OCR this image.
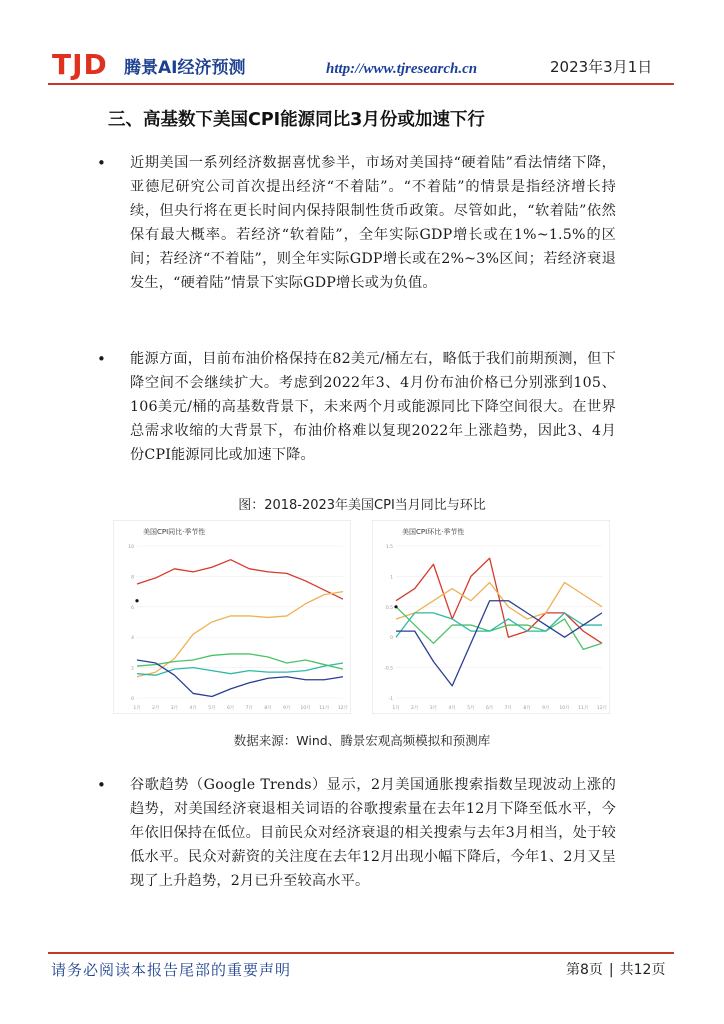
TJD 腾景AI经济预测	http://www.tjresearch.cn	2023年3月1日
三、高基数下美国CPI能源同比3月份或加速下行
• 近期美国一系列经济数据喜忧参半，市场对美国持“硬着陆”看法情绪下降，亚德尼研究公司首次提出经济“不着陆”。“不着陆”的情景是指经济增长持续，但央行将在更长时间内保持限制性货币政策。尽管如此，“软着陆”依然保有最大概率。若经济“软着陆”，全年实际GDP增长或在1%~1.5%的区间；若经济“不着陆”，则全年实际GDP增长或在2%~3%区间；若经济衰退发生，“硬着陆”情景下实际GDP增长或为负值。
• 能源方面，目前布油价格保持在82美元/桶左右，略低于我们前期预测，但下降空间不会继续扩大。考虑到2022年3、4月份布油价格已分别涨到105、106美元/桶的高基数背景下，未来两个月或能源同比下降空间很大。在世界总需求收缩的大背景下，布油价格难以复现2022年上涨趋势，因此3、4月份CPI能源同比或加速下降。
图：2018-2023年美国CPI当月同比与环比
美国CPI同比·季节性
0
2
4
6
8
10
1月	2月	3月	4月	5月	6月	7月	8月	9月 10月 11月 12月
美国CPI环比·季节性
-1
-0.5
0
0.5
1
1.5
1月	2月	3月	4月	5月	6月	7月	8月	9月 10月 11月 12月
数据来源：Wind、腾景宏观高频模拟和预测库
• 谷歌趋势（Google Trends）显示，2月美国通胀搜索指数呈现波动上涨的趋势，对美国经济衰退相关词语的谷歌搜索量在去年12月下降至低水平，今年依旧保持在低位。目前民众对经济衰退的相关搜索与去年3月相当，处于较低水平。民众对薪资的关注度在去年12月出现小幅下降后，今年1、2月又呈现了上升趋势，2月已升至较高水平。
请务必阅读本报告尾部的重要声明	第8页 | 共12页
